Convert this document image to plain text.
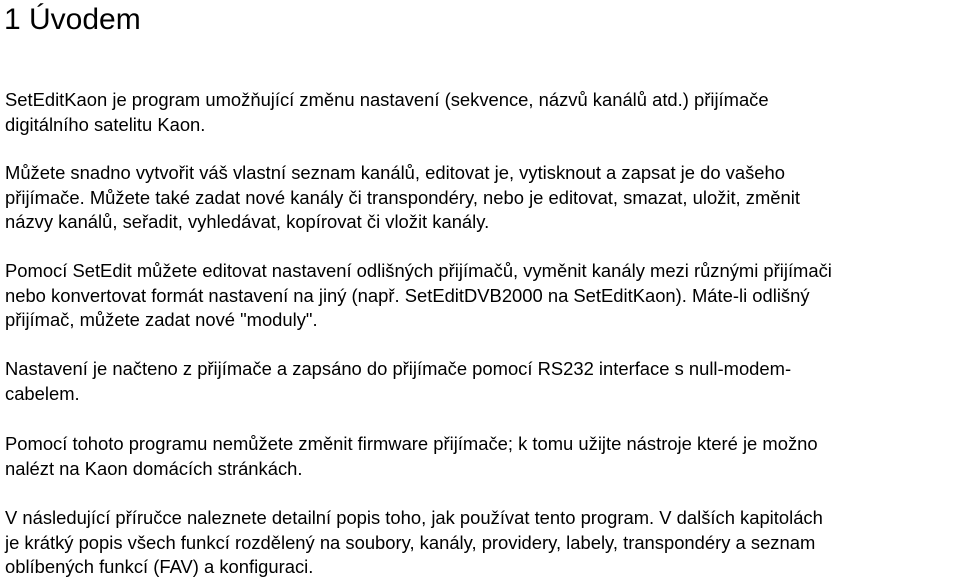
1 Úvodem

SetEditKaon je program umožňující změnu nastavení (sekvence, názvů kanálů atd.) přijímače
digitálního satelitu Kaon.

Můžete snadno vytvořit váš vlastní seznam kanálů, editovat je, vytisknout a zapsat je do vašeho
přijímače. Můžete také zadat nové kanály či transpondéry, nebo je editovat, smazat, uložit, změnit
názvy kanálů, seřadit, vyhledávat, kopírovat či vložit kanály.

Pomocí SetEdit můžete editovat nastavení odlišných přijímačů, vyměnit kanály mezi různými přijímači
nebo konvertovat formát nastavení na jiný (např. SetEditDVB2000 na SetEditKaon). Máte-li odlišný
přijímač, můžete zadat nové "moduly".

Nastavení je načteno z přijímače a zapsáno do přijímače pomocí RS232 interface s null-modem-
cabelem.

Pomocí tohoto programu nemůžete změnit firmware přijímače; k tomu užijte nástroje které je možno
nalézt na Kaon domácích stránkách.

V následující příručce naleznete detailní popis toho, jak používat tento program. V dalších kapitolách
je krátký popis všech funkcí rozdělený na soubory, kanály, providery, labely, transpondéry a seznam
oblíbených funkcí (FAV) a konfiguraci.
